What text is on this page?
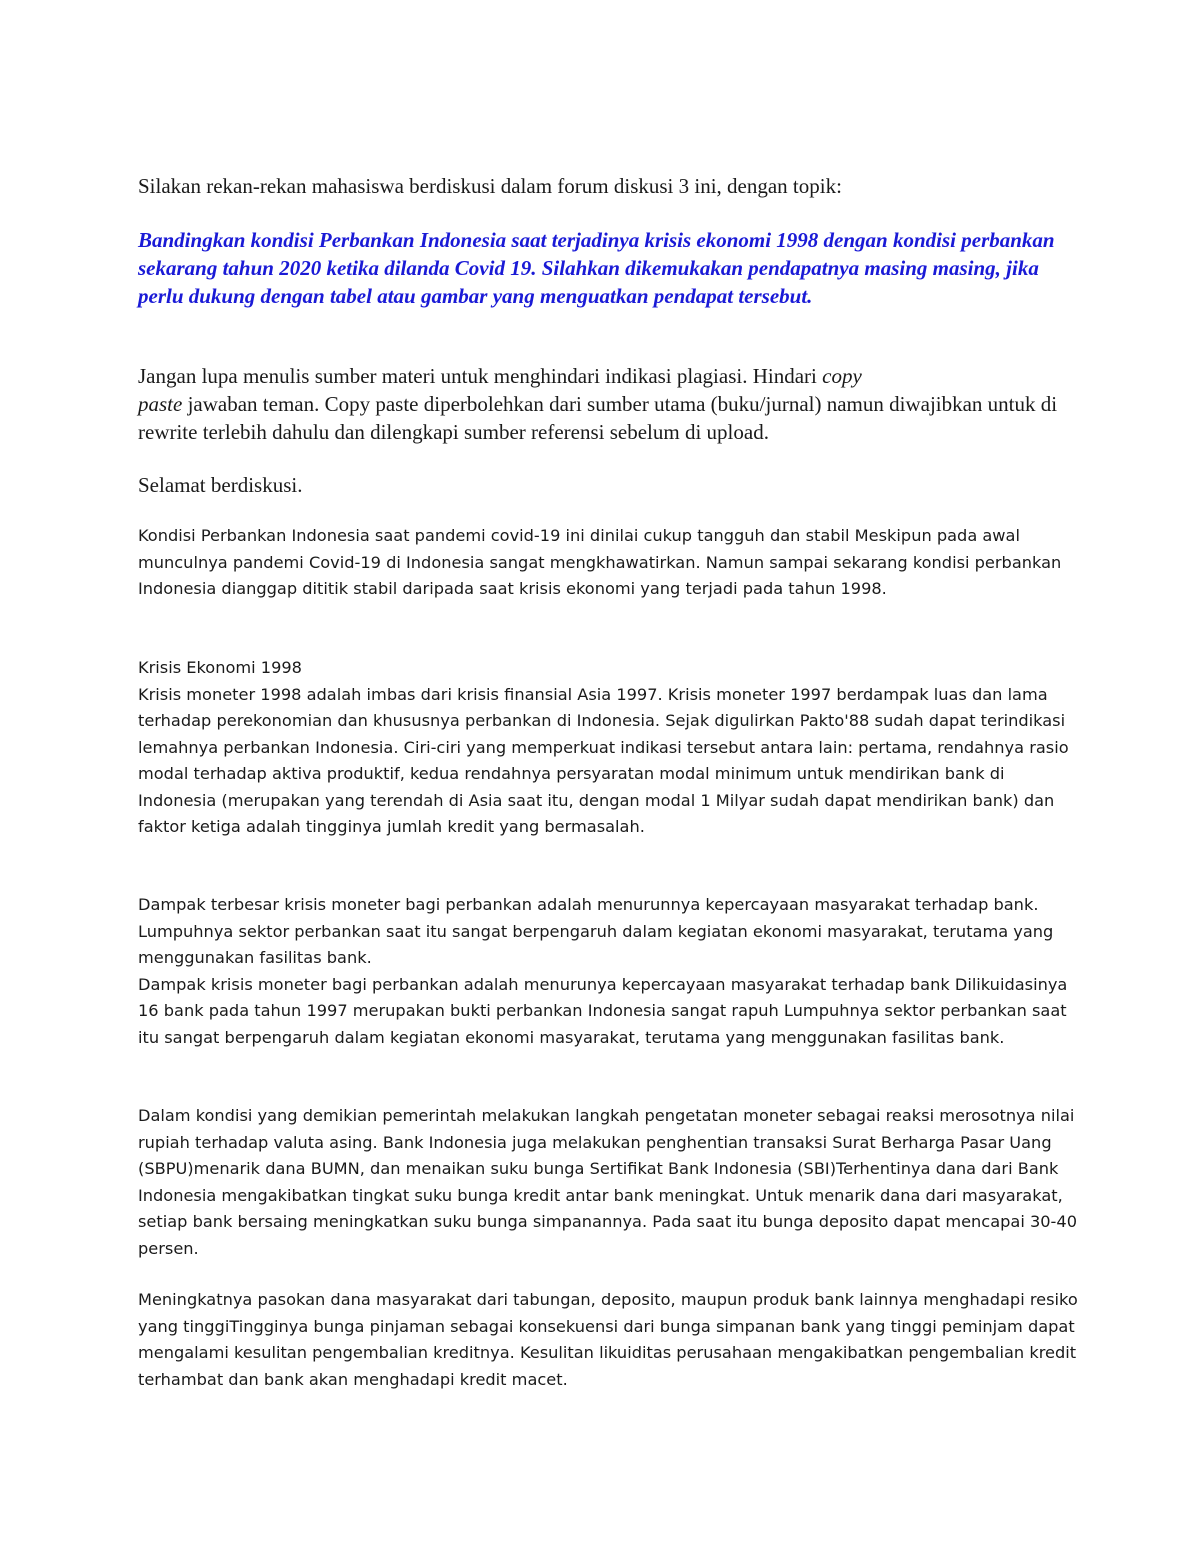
Silakan rekan-rekan mahasiswa berdiskusi dalam forum diskusi 3 ini, dengan topik:

Bandingkan kondisi Perbankan Indonesia saat terjadinya krisis ekonomi 1998 dengan kondisi perbankan sekarang tahun 2020 ketika dilanda Covid 19. Silahkan dikemukakan pendapatnya masing masing, jika perlu dukung dengan tabel atau gambar yang menguatkan pendapat tersebut.

Jangan lupa menulis sumber materi untuk menghindari indikasi plagiasi. Hindari copy
paste jawaban teman. Copy paste diperbolehkan dari sumber utama (buku/jurnal) namun diwajibkan untuk di rewrite terlebih dahulu dan dilengkapi sumber referensi sebelum di upload.

Selamat berdiskusi.

Kondisi Perbankan Indonesia saat pandemi covid-19 ini dinilai cukup tangguh dan stabil Meskipun pada awal munculnya pandemi Covid-19 di Indonesia sangat mengkhawatirkan. Namun sampai sekarang kondisi perbankan Indonesia dianggap dititik stabil daripada saat krisis ekonomi yang terjadi pada tahun 1998.

Krisis Ekonomi 1998
Krisis moneter 1998 adalah imbas dari krisis finansial Asia 1997. Krisis moneter 1997 berdampak luas dan lama terhadap perekonomian dan khususnya perbankan di Indonesia. Sejak digulirkan Pakto'88 sudah dapat terindikasi lemahnya perbankan Indonesia. Ciri-ciri yang memperkuat indikasi tersebut antara lain: pertama, rendahnya rasio modal terhadap aktiva produktif, kedua rendahnya persyaratan modal minimum untuk mendirikan bank di Indonesia (merupakan yang terendah di Asia saat itu, dengan modal 1 Milyar sudah dapat mendirikan bank) dan faktor ketiga adalah tingginya jumlah kredit yang bermasalah.

Dampak terbesar krisis moneter bagi perbankan adalah menurunnya kepercayaan masyarakat terhadap bank. Lumpuhnya sektor perbankan saat itu sangat berpengaruh dalam kegiatan ekonomi masyarakat, terutama yang menggunakan fasilitas bank.
Dampak krisis moneter bagi perbankan adalah menurunya kepercayaan masyarakat terhadap bank Dilikuidasinya 16 bank pada tahun 1997 merupakan bukti perbankan Indonesia sangat rapuh Lumpuhnya sektor perbankan saat itu sangat berpengaruh dalam kegiatan ekonomi masyarakat, terutama yang menggunakan fasilitas bank.

Dalam kondisi yang demikian pemerintah melakukan langkah pengetatan moneter sebagai reaksi merosotnya nilai rupiah terhadap valuta asing. Bank Indonesia juga melakukan penghentian transaksi Surat Berharga Pasar Uang (SBPU)menarik dana BUMN, dan menaikan suku bunga Sertifikat Bank Indonesia (SBI)Terhentinya dana dari Bank Indonesia mengakibatkan tingkat suku bunga kredit antar bank meningkat. Untuk menarik dana dari masyarakat, setiap bank bersaing meningkatkan suku bunga simpanannya. Pada saat itu bunga deposito dapat mencapai 30-40 persen.

Meningkatnya pasokan dana masyarakat dari tabungan, deposito, maupun produk bank lainnya menghadapi resiko yang tinggiTingginya bunga pinjaman sebagai konsekuensi dari bunga simpanan bank yang tinggi peminjam dapat mengalami kesulitan pengembalian kreditnya. Kesulitan likuiditas perusahaan mengakibatkan pengembalian kredit terhambat dan bank akan menghadapi kredit macet.
